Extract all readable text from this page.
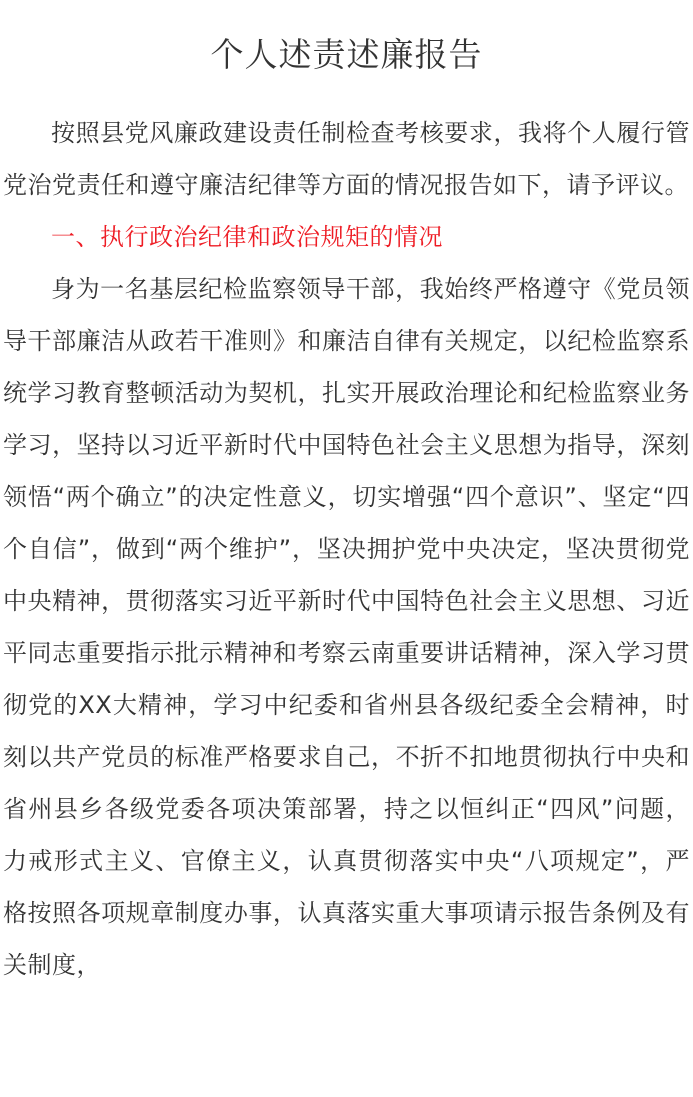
个人述责述廉报告

按照县党风廉政建设责任制检查考核要求，我将个人履行管党治党责任和遵守廉洁纪律等方面的情况报告如下，请予评议。

一、执行政治纪律和政治规矩的情况

身为一名基层纪检监察领导干部，我始终严格遵守《党员领导干部廉洁从政若干准则》和廉洁自律有关规定，以纪检监察系统学习教育整顿活动为契机，扎实开展政治理论和纪检监察业务学习，坚持以习近平新时代中国特色社会主义思想为指导，深刻领悟“两个确立”的决定性意义，切实增强“四个意识”、坚定“四个自信”，做到“两个维护”，坚决拥护党中央决定，坚决贯彻党中央精神，贯彻落实习近平新时代中国特色社会主义思想、习近平同志重要指示批示精神和考察云南重要讲话精神，深入学习贯彻党的XX大精神，学习中纪委和省州县各级纪委全会精神，时刻以共产党员的标准严格要求自己，不折不扣地贯彻执行中央和省州县乡各级党委各项决策部署，持之以恒纠正“四风”问题，力戒形式主义、官僚主义，认真贯彻落实中央“八项规定”，严格按照各项规章制度办事，认真落实重大事项请示报告条例及有关制度，
